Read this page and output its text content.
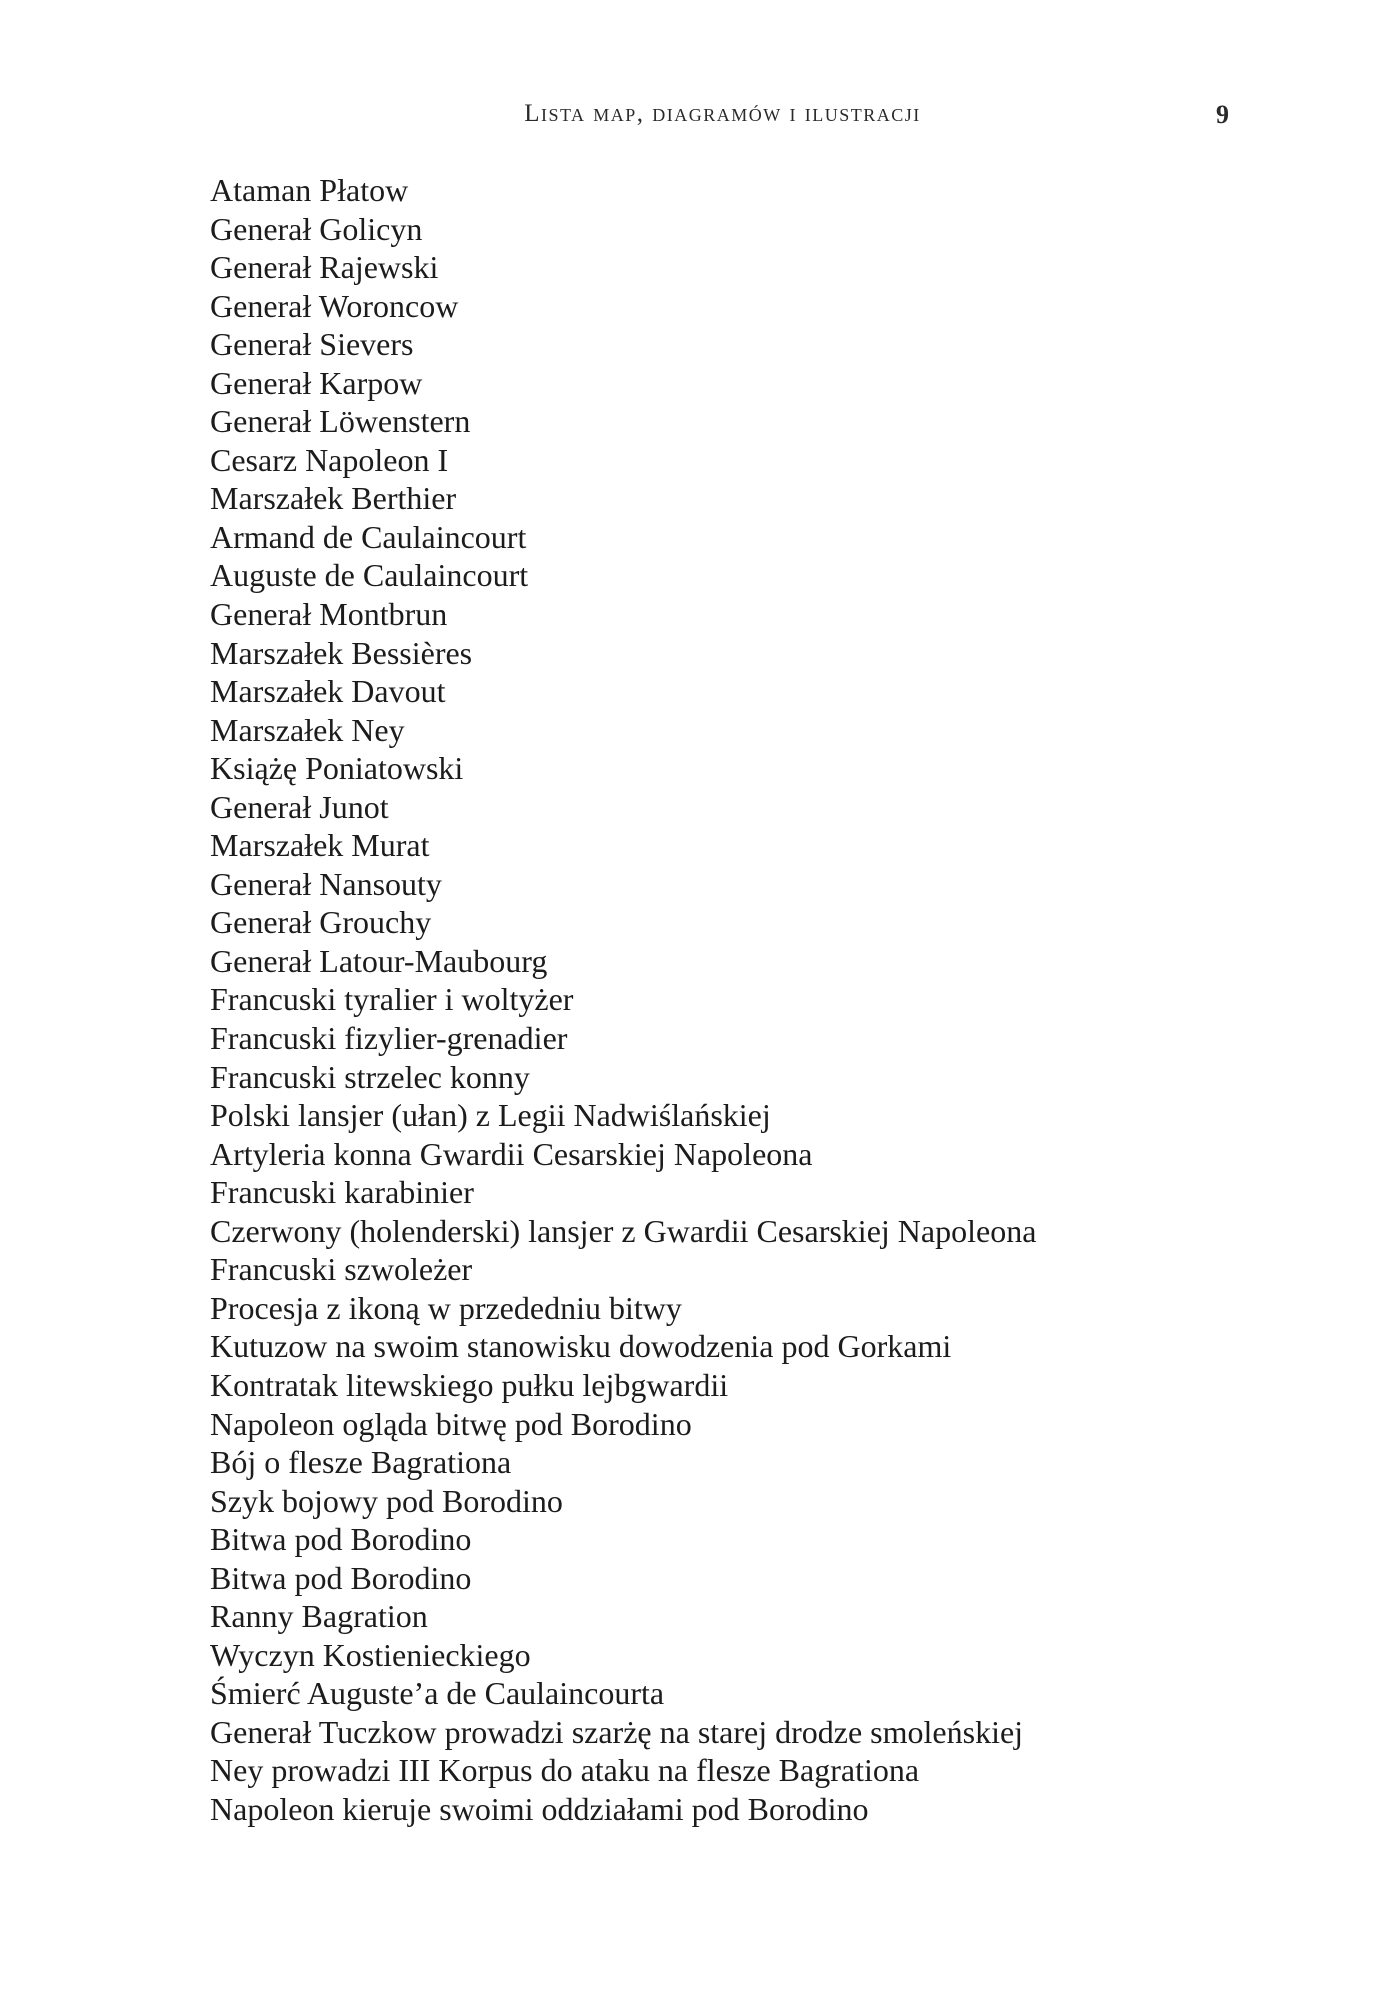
Lista map, diagramów i ilustracji	9
Ataman Płatow
Generał Golicyn
Generał Rajewski
Generał Woroncow
Generał Sievers
Generał Karpow
Generał Löwenstern
Cesarz Napoleon I
Marszałek Berthier
Armand de Caulaincourt
Auguste de Caulaincourt
Generał Montbrun
Marszałek Bessières
Marszałek Davout
Marszałek Ney
Książę Poniatowski
Generał Junot
Marszałek Murat
Generał Nansouty
Generał Grouchy
Generał Latour-Maubourg
Francuski tyralier i woltyżer
Francuski fizylier-grenadier
Francuski strzelec konny
Polski lansjer (ułan) z Legii Nadwiślańskiej
Artyleria konna Gwardii Cesarskiej Napoleona
Francuski karabinier
Czerwony (holenderski) lansjer z Gwardii Cesarskiej Napoleona
Francuski szwoleżer
Procesja z ikoną w przededniu bitwy
Kutuzow na swoim stanowisku dowodzenia pod Gorkami
Kontratak litewskiego pułku lejbgwardii
Napoleon ogląda bitwę pod Borodino
Bój o flesze Bagrationa
Szyk bojowy pod Borodino
Bitwa pod Borodino
Bitwa pod Borodino
Ranny Bagration
Wyczyn Kostienieckiego
Śmierć Auguste’a de Caulaincourta
Generał Tuczkow prowadzi szarżę na starej drodze smoleńskiej
Ney prowadzi III Korpus do ataku na flesze Bagrationa
Napoleon kieruje swoimi oddziałami pod Borodino
